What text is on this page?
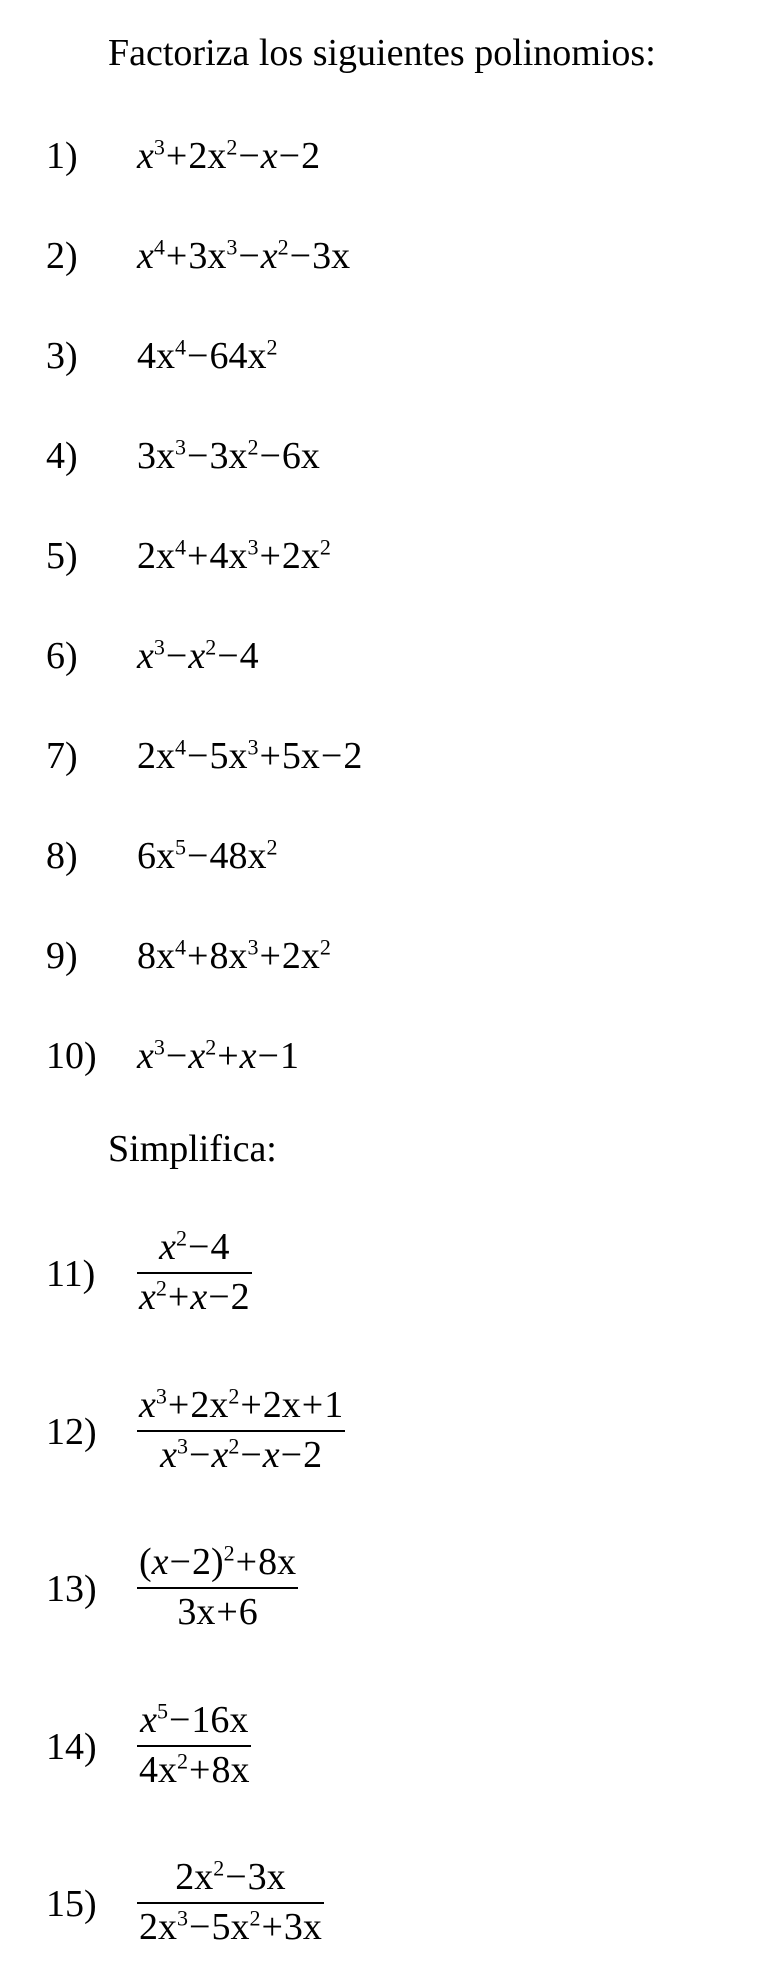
Factoriza los siguientes polinomios:
1) $x^3+2x^2-x-2$
2) $x^4+3x^3-x^2-3x$
3) $4x^4-64x^2$
4) $3x^3-3x^2-6x$
5) $2x^4+4x^3+2x^2$
6) $x^3-x^2-4$
7) $2x^4-5x^3+5x-2$
8) $6x^5-48x^2$
9) $8x^4+8x^3+2x^2$
10) $x^3-x^2+x-1$
Simplifica:
11)
$x^2-4$
$x^2+x-2$
12)
$x^3+2x^2+2x+1$
$x^3-x^2-x-2$
13)
$(x-2)^2+8x$
3x+6
14)
$x^5-16x$
$4x^2+8x$
15)
$2x^2-3x$
$2x^3-5x^2+3x$
